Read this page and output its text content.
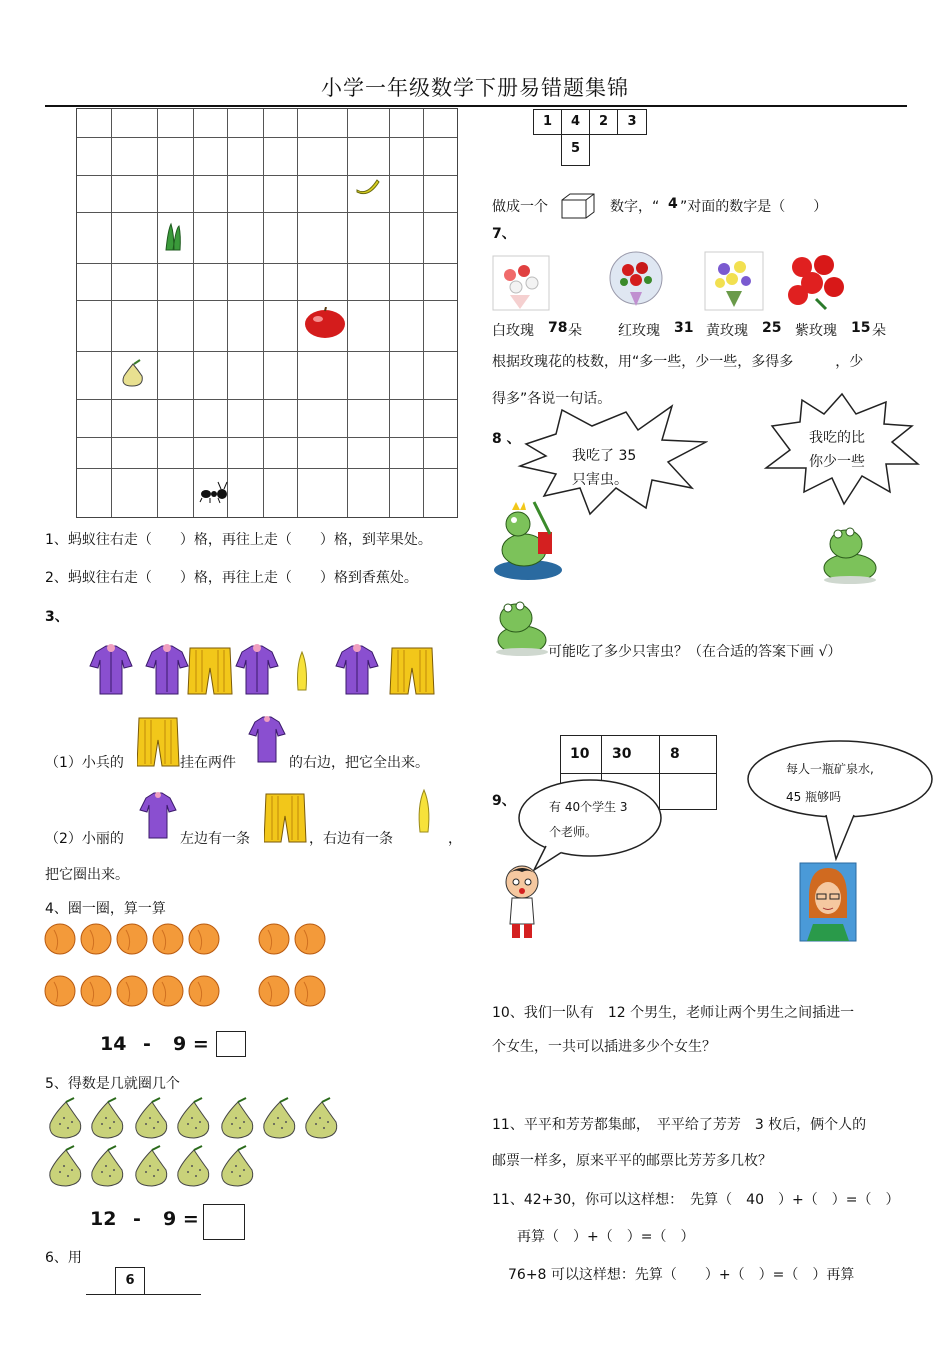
小学一年级数学下册易错题集锦
1、蚂蚁往右走（　　）格，再往上走（　　）格，到苹果处。
2、蚂蚁往右走（　　）格，再往上走（　　）格到香蕉处。
3、
（1）小兵的	挂在两件	的右边，把它全出来。
（2）小丽的	左边有一条	，右边有一条	，
把它圈出来。
4、圈一圈，算一算
14 - 9 =
5、得数是几就圈几个
12 - 9 =
6、用
6
1	4	2	3
5
做成一个	数字，“ 4 ”对面的数字是（　　）
7、
白玫瑰 78 朵	红玫瑰 31 黄玫瑰 25 紫玫瑰 15 朵
根据玫瑰花的枝数，用“多一些，少一些，多得多　　　，少
得多”各说一句话。
8 、
我吃了 35
只害虫。
我吃的比
你少一些
可能吃了多少只害虫？（在合适的答案下画 √）
9、
10 30	8
有 40个学生 3
个老师。
每人一瓶矿泉水,
45 瓶够吗
10、我们一队有　12 个男生，老师让两个男生之间插进一
个女生，一共可以插进多少个女生？
11、平平和芳芳都集邮，　平平给了芳芳　3 枚后，俩个人的
邮票一样多，原来平平的邮票比芳芳多几枚？
11、42+30，你可以这样想：　先算（　40　）+（　）=（　）
再算（　）+（　）=（　）
76+8 可以这样想：先算（　　）+（　）=（　）再算
